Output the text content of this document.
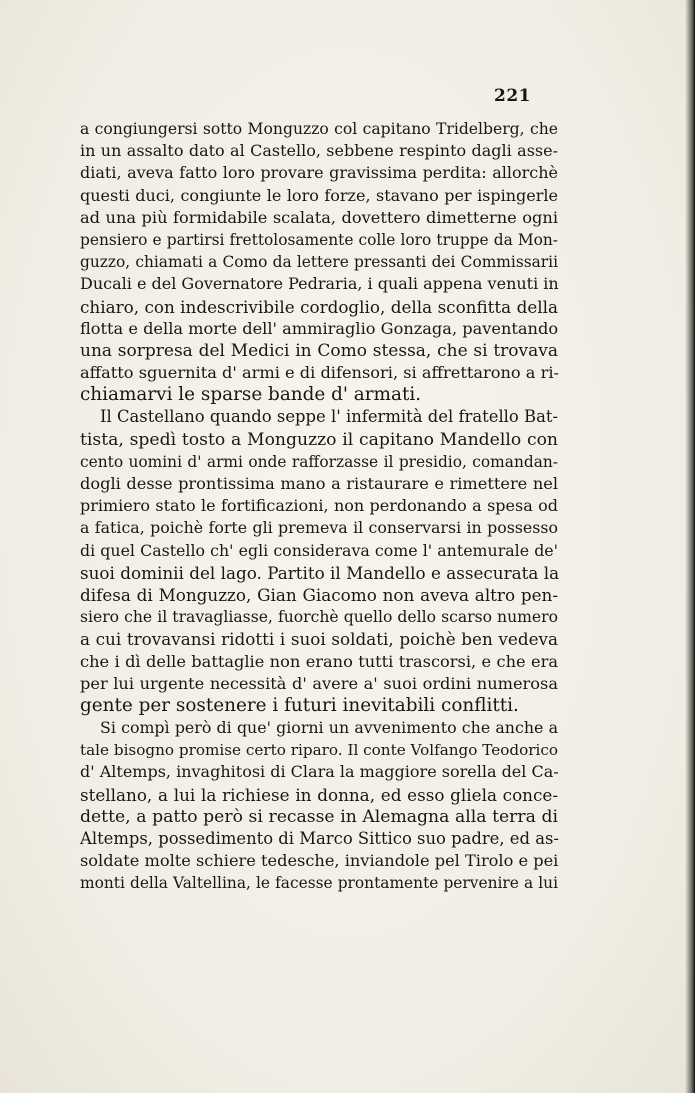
221
a congiungersi sotto Monguzzo col capitano Tridelberg, che
in un assalto dato al Castello, sebbene respinto dagli asse-
diati, aveva fatto loro provare gravissima perdita: allorchè
questi duci, congiunte le loro forze, stavano per ispingerle
ad una più formidabile scalata, dovettero dimetterne ogni
pensiero e partirsi frettolosamente colle loro truppe da Mon-
guzzo, chiamati a Como da lettere pressanti dei Commissarii
Ducali e del Governatore Pedraria, i quali appena venuti in
chiaro, con indescrivibile cordoglio, della sconfitta della
flotta e della morte dell' ammiraglio Gonzaga, paventando
una sorpresa del Medici in Como stessa, che si trovava
affatto sguernita d' armi e di difensori, si affrettarono a ri-
chiamarvi le sparse bande d' armati.
Il Castellano quando seppe l' infermità del fratello Bat-
tista, spedì tosto a Monguzzo il capitano Mandello con
cento uomini d' armi onde rafforzasse il presidio, comandan-
dogli desse prontissima mano a ristaurare e rimettere nel
primiero stato le fortificazioni, non perdonando a spesa od
a fatica, poichè forte gli premeva il conservarsi in possesso
di quel Castello ch' egli considerava come l' antemurale de'
suoi dominii del lago. Partito il Mandello e assecurata la
difesa di Monguzzo, Gian Giacomo non aveva altro pen-
siero che il travagliasse, fuorchè quello dello scarso numero
a cui trovavansi ridotti i suoi soldati, poichè ben vedeva
che i dì delle battaglie non erano tutti trascorsi, e che era
per lui urgente necessità d' avere a' suoi ordini numerosa
gente per sostenere i futuri inevitabili conflitti.
Si compì però di que' giorni un avvenimento che anche a
tale bisogno promise certo riparo. Il conte Volfango Teodorico
d' Altemps, invaghitosi di Clara la maggiore sorella del Ca-
stellano, a lui la richiese in donna, ed esso gliela conce-
dette, a patto però si recasse in Alemagna alla terra di
Altemps, possedimento di Marco Sittico suo padre, ed as-
soldate molte schiere tedesche, inviandole pel Tirolo e pei
monti della Valtellina, le facesse prontamente pervenire a lui
